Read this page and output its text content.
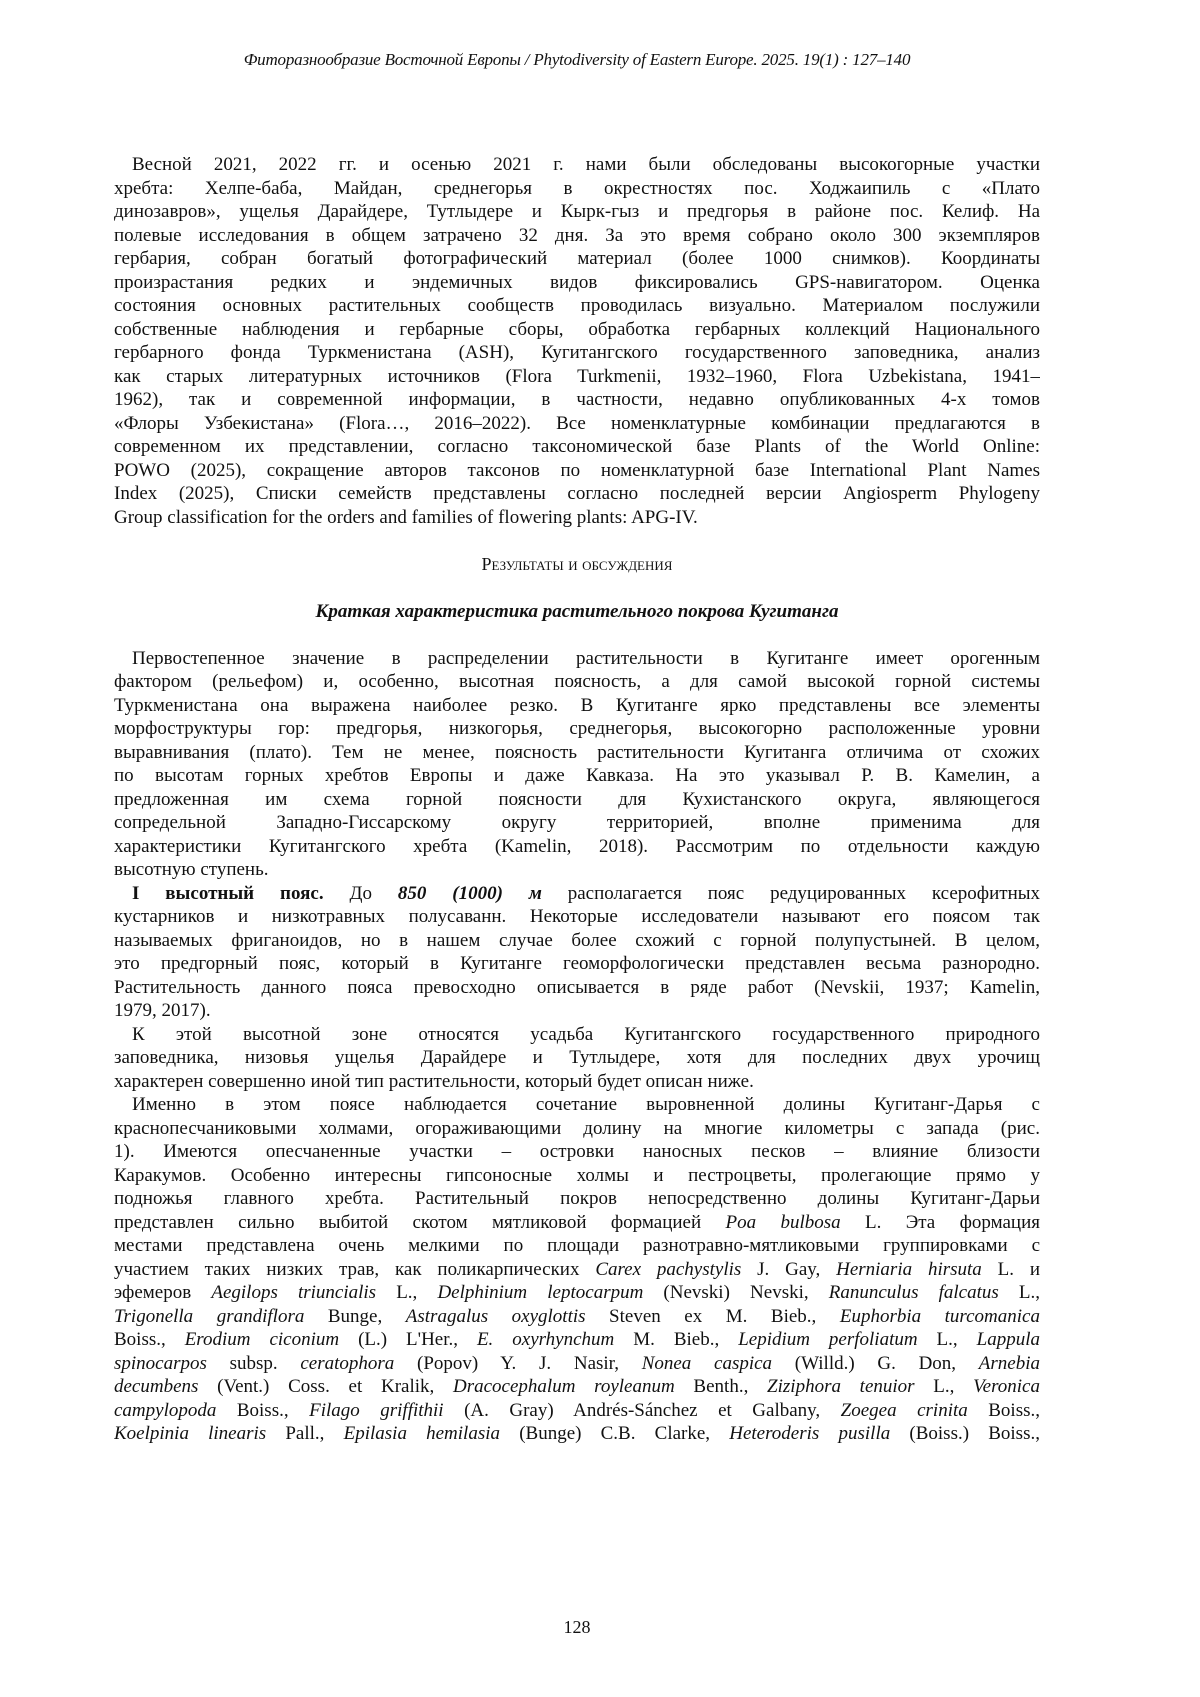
Фиторазнообразие Восточной Европы / Phytodiversity of Eastern Europe. 2025. 19(1) : 127–140
Весной 2021, 2022 гг. и осенью 2021 г. нами были обследованы высокогорные участки
хребта: Хелпе-баба, Майдан, среднегорья в окрестностях пос. Ходжаипиль с «Плато
динозавров», ущелья Дарайдере, Тутлыдере и Кырк-гыз и предгорья в районе пос. Келиф. На
полевые исследования в общем затрачено 32 дня. За это время собрано около 300 экземпляров
гербария, собран богатый фотографический материал (более 1000 снимков). Координаты
произрастания редких и эндемичных видов фиксировались GPS-навигатором. Оценка
состояния основных растительных сообществ проводилась визуально. Материалом послужили
собственные наблюдения и гербарные сборы, обработка гербарных коллекций Национального
гербарного фонда Туркменистана (ASH), Кугитангского государственного заповедника, анализ
как старых литературных источников (Flora Turkmenii, 1932–1960, Flora Uzbekistana, 1941–
1962), так и современной информации, в частности, недавно опубликованных 4-х томов
«Флоры Узбекистана» (Flora…, 2016–2022). Все номенклатурные комбинации предлагаются в
современном их представлении, согласно таксономической базе Plants of the World Online:
POWO (2025), сокращение авторов таксонов по номенклатурной базе International Plant Names
Index (2025), Списки семейств представлены согласно последней версии Angiosperm Phylogeny
Group classification for the orders and families of flowering plants: APG-IV.
Результаты и обсуждения
Краткая характеристика растительного покрова Кугитанга
Первостепенное значение в распределении растительности в Кугитанге имеет орогенным
фактором (рельефом) и, особенно, высотная поясность, а для самой высокой горной системы
Туркменистана она выражена наиболее резко. В Кугитанге ярко представлены все элементы
морфоструктуры гор: предгорья, низкогорья, среднегорья, высокогорно расположенные уровни
выравнивания (плато). Тем не менее, поясность растительности Кугитанга отличима от схожих
по высотам горных хребтов Европы и даже Кавказа. На это указывал Р. В. Камелин, а
предложенная им схема горной поясности для Кухистанского округа, являющегося
сопредельной Западно-Гиссарскому округу территорией, вполне применима для
характеристики Кугитангского хребта (Kamelin, 2018). Рассмотрим по отдельности каждую
высотную ступень.
I высотный пояс. До 850 (1000) м располагается пояс редуцированных ксерофитных
кустарников и низкотравных полусаванн. Некоторые исследователи называют его поясом так
называемых фриганоидов, но в нашем случае более схожий с горной полупустыней. В целом,
это предгорный пояс, который в Кугитанге геоморфологически представлен весьма разнородно.
Растительность данного пояса превосходно описывается в ряде работ (Nevskii, 1937; Kamelin,
1979, 2017).
К этой высотной зоне относятся усадьба Кугитангского государственного природного
заповедника, низовья ущелья Дарайдере и Тутлыдере, хотя для последних двух урочищ
характерен совершенно иной тип растительности, который будет описан ниже.
Именно в этом поясе наблюдается сочетание выровненной долины Кугитанг-Дарья с
краснопесчаниковыми холмами, огораживающими долину на многие километры с запада (рис.
1). Имеются опесчаненные участки – островки наносных песков – влияние близости
Каракумов. Особенно интересны гипсоносные холмы и пестроцветы, пролегающие прямо у
подножья главного хребта. Растительный покров непосредственно долины Кугитанг-Дарьи
представлен сильно выбитой скотом мятликовой формацией Poa bulbosa L. Эта формация
местами представлена очень мелкими по площади разнотравно-мятликовыми группировками с
участием таких низких трав, как поликарпических Carex pachystylis J. Gay, Herniaria hirsuta L. и
эфемеров Aegilops triuncialis L., Delphinium leptocarpum (Nevski) Nevski, Ranunculus falcatus L.,
Trigonella grandiflora Bunge, Astragalus oxyglottis Steven ex M. Bieb., Euphorbia turcomanica
Boiss., Erodium ciconium (L.) L'Her., E. oxyrhynchum M. Bieb., Lepidium perfoliatum L., Lappula
spinocarpos subsp. ceratophora (Popov) Y. J. Nasir, Nonea caspica (Willd.) G. Don, Arnebia
decumbens (Vent.) Coss. et Kralik, Dracocephalum royleanum Benth., Ziziphora tenuior L., Veronica
campylopoda Boiss., Filago griffithii (A. Gray) Andrés-Sánchez et Galbany, Zoegea crinita Boiss.,
Koelpinia linearis Pall., Epilasia hemilasia (Bunge) C.B. Clarke, Heteroderis pusilla (Boiss.) Boiss.,
128
